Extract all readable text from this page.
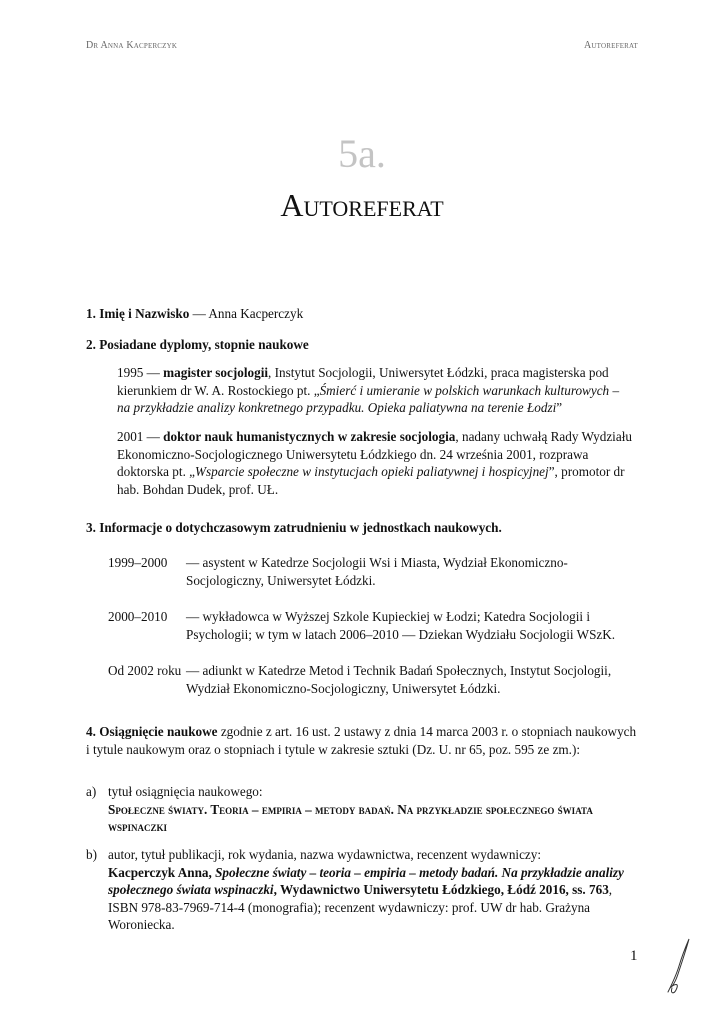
Dr Anna Kacperczyk	Autoreferat
5a.
Autoreferat
1. Imię i Nazwisko — Anna Kacperczyk
2. Posiadane dyplomy, stopnie naukowe
1995 — magister socjologii, Instytut Socjologii, Uniwersytet Łódzki, praca magisterska pod kierunkiem dr W. A. Rostockiego pt. „Śmierć i umieranie w polskich warunkach kulturowych – na przykładzie analizy konkretnego przypadku. Opieka paliatywna na terenie Łodzi”
2001 — doktor nauk humanistycznych w zakresie socjologia, nadany uchwałą Rady Wydziału Ekonomiczno-Socjologicznego Uniwersytetu Łódzkiego dn. 24 września 2001, rozprawa doktorska pt. „Wsparcie społeczne w instytucjach opieki paliatywnej i hospicyjnej”, promotor dr hab. Bohdan Dudek, prof. UŁ.
3. Informacje o dotychczasowym zatrudnieniu w jednostkach naukowych.
1999–2000 — asystent w Katedrze Socjologii Wsi i Miasta, Wydział Ekonomiczno-Socjologiczny, Uniwersytet Łódzki.
2000–2010 — wykładowca w Wyższej Szkole Kupieckiej w Łodzi; Katedra Socjologii i Psychologii; w tym w latach 2006–2010 — Dziekan Wydziału Socjologii WSzK.
Od 2002 roku — adiunkt w Katedrze Metod i Technik Badań Społecznych, Instytut Socjologii, Wydział Ekonomiczno-Socjologiczny, Uniwersytet Łódzki.
4. Osiągnięcie naukowe zgodnie z art. 16 ust. 2 ustawy z dnia 14 marca 2003 r. o stopniach naukowych i tytule naukowym oraz o stopniach i tytule w zakresie sztuki (Dz. U. nr 65, poz. 595 ze zm.):
a) tytuł osiągnięcia naukowego:
Społeczne światy. Teoria – empiria – metody badań. Na przykładzie społecznego świata wspinaczki
b) autor, tytuł publikacji, rok wydania, nazwa wydawnictwa, recenzent wydawniczy:
Kacperczyk Anna, Społeczne światy – teoria – empiria – metody badań. Na przykładzie analizy społecznego świata wspinaczki, Wydawnictwo Uniwersytetu Łódzkiego, Łódź 2016, ss. 763, ISBN 978-83-7969-714-4 (monografia); recenzent wydawniczy: prof. UW dr hab. Grażyna Woroniecka.
1
